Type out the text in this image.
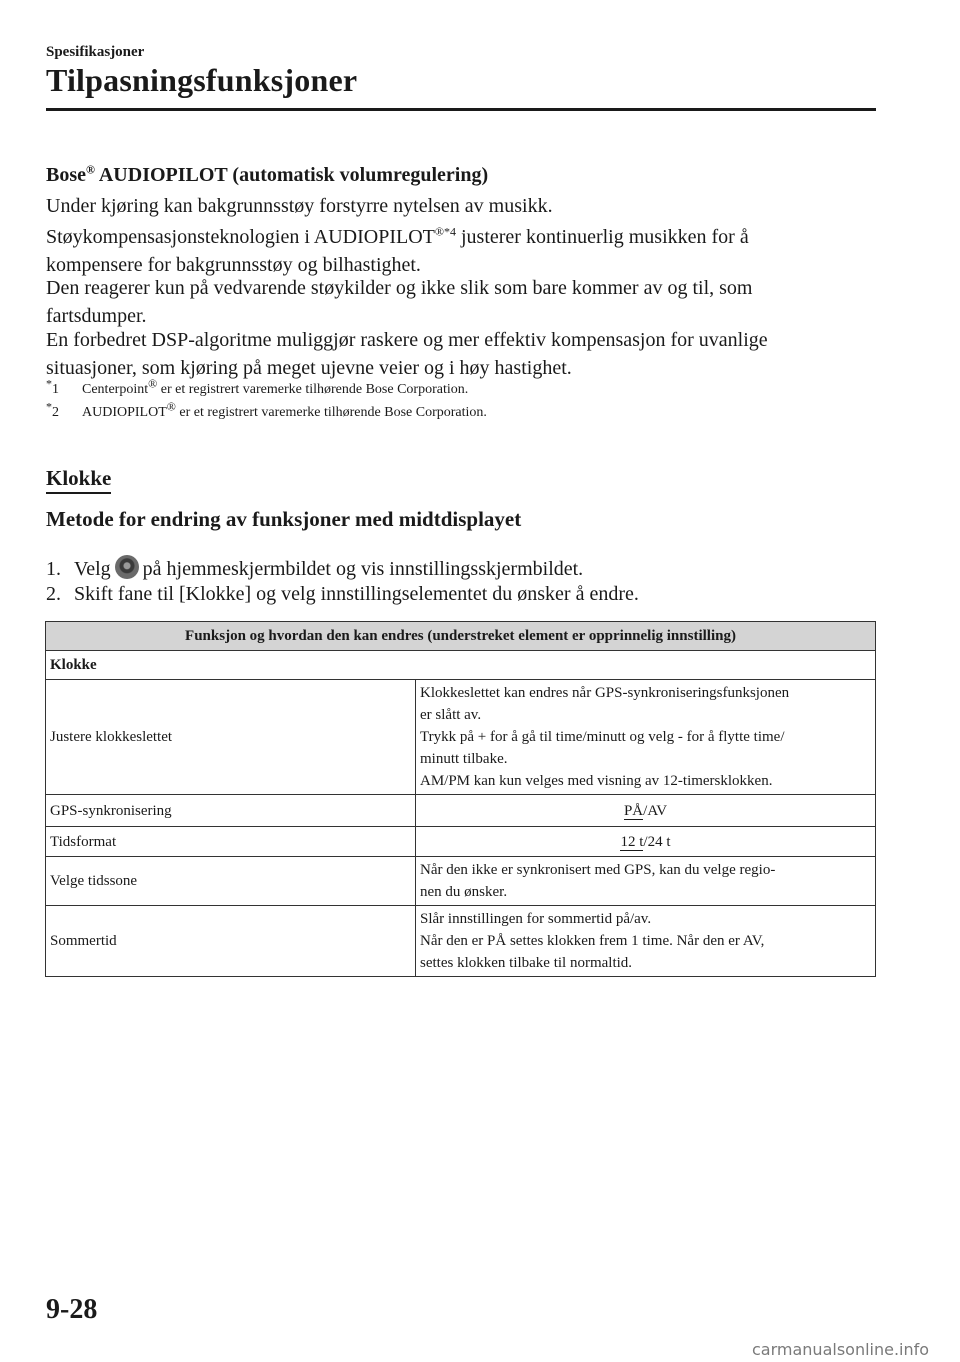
Spesifikasjoner
Tilpasningsfunksjoner
Bose® AUDIOPILOT (automatisk volumregulering)
Under kjøring kan bakgrunnsstøy forstyrre nytelsen av musikk.
Støykompensasjonsteknologien i $AUDIOPILOT^{®*4}$ justerer kontinuerlig musikken for å
kompensere for bakgrunnsstøy og bilhastighet.
Den reagerer kun på vedvarende støykilder og ikke slik som bare kommer av og til, som
fartsdumper.
En forbedret DSP-algoritme muliggjør raskere og mer effektiv kompensasjon for uvanlige
situasjoner, som kjøring på meget ujevne veier og i høy hastighet.
*1 Centerpoint® er et registrert varemerke tilhørende Bose Corporation.
*2 AUDIOPILOT® er et registrert varemerke tilhørende Bose Corporation.
Klokke
Metode for endring av funksjoner med midtdisplayet
1. Velg på hjemmeskjermbildet og vis innstillingsskjermbildet.
2. Skift fane til [Klokke] og velg innstillingselementet du ønsker å endre.
Funksjon og hvordan den kan endres (understreket element er opprinnelig innstilling)	
Klokke	
Justere klokkeslettet	Klokkeslettet kan endres når GPS-synkroniseringsfunksjonen
er slått av.
Trykk på + for å gå til time/minutt og velg - for å flytte time/
minutt tilbake.
AM/PM kan kun velges med visning av 12-timersklokken.

GPS-synkronisering	PÅ/AV
Tidsformat	12 t/24 t
Velge tidssone	Når den ikke er synkronisert med GPS, kan du velge regio-
nen du ønsker.

Sommertid	Slår innstillingen for sommertid på/av.
Når den er PÅ settes klokken frem 1 time. Når den er AV,
settes klokken tilbake til normaltid.
9-28
carmanualsonline.info
